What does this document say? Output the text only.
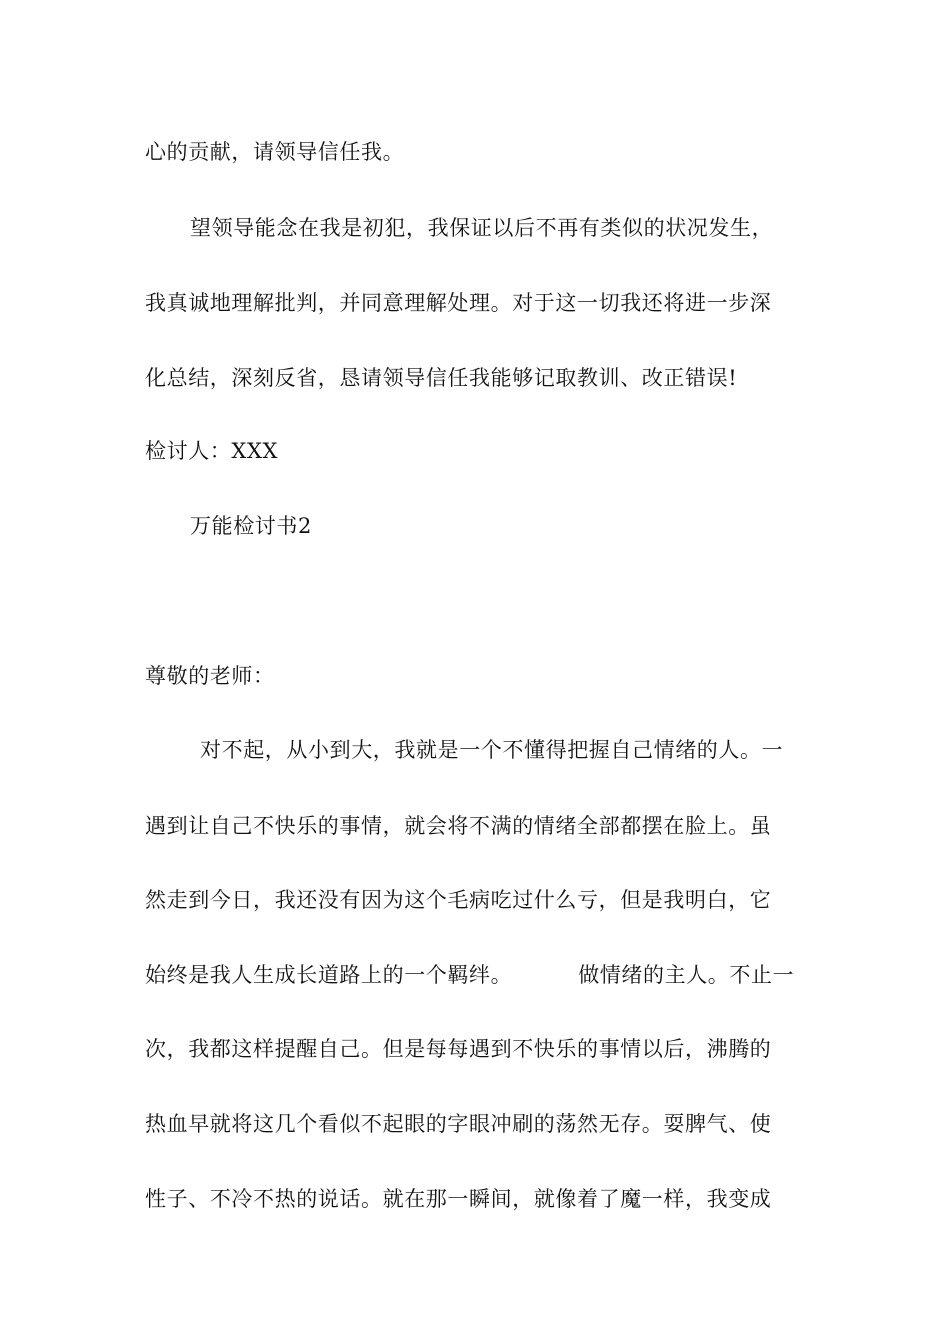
心的贡献，请领导信任我。
望领导能念在我是初犯，我保证以后不再有类似的状况发生，
我真诚地理解批判，并同意理解处理。对于这一切我还将进一步深
化总结，深刻反省，恳请领导信任我能够记取教训、改正错误!
检讨人：XXX
万能检讨书2
尊敬的老师：
对不起，从小到大，我就是一个不懂得把握自己情绪的人。一
遇到让自己不快乐的事情，就会将不满的情绪全部都摆在脸上。虽
然走到今日，我还没有因为这个毛病吃过什么亏，但是我明白，它
始终是我人生成长道路上的一个羁绊。	做情绪的主人。不止一
次，我都这样提醒自己。但是每每遇到不快乐的事情以后，沸腾的
热血早就将这几个看似不起眼的字眼冲刷的荡然无存。耍脾气、使
性子、不冷不热的说话。就在那一瞬间，就像着了魔一样，我变成
